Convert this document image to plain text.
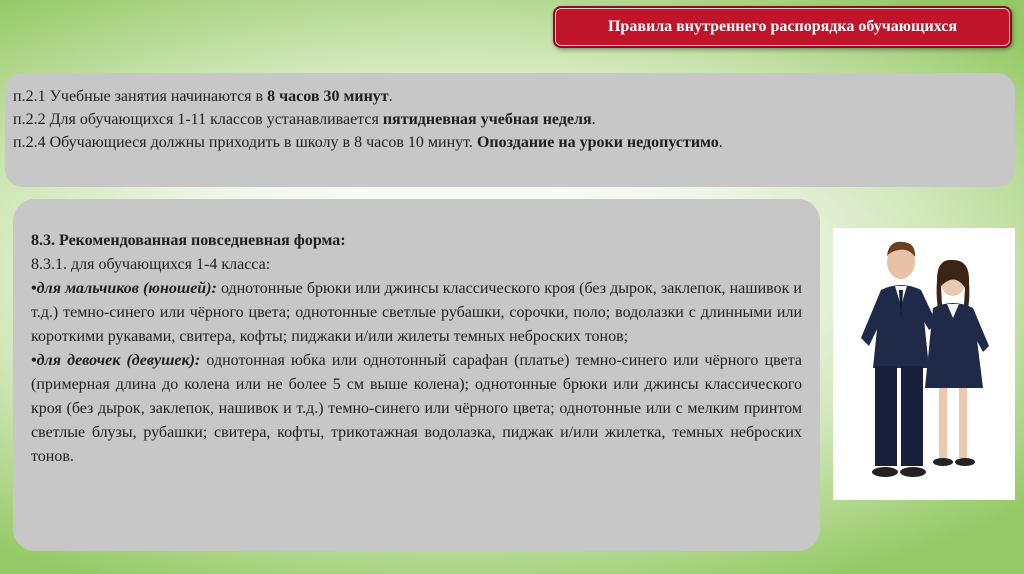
Правила внутреннего распорядка обучающихся
п.2.1 Учебные занятия начинаются в 8 часов 30 минут.
п.2.2 Для обучающихся 1-11 классов устанавливается пятидневная учебная неделя.
п.2.4 Обучающиеся должны приходить в школу в 8 часов 10 минут. Опоздание на уроки недопустимо.

8.3. Рекомендованная повседневная форма:

8.3.1. для обучающихся 1-4 класса:

•для мальчиков (юношей): однотонные брюки или джинсы классического кроя (без дырок, заклепок, нашивок и т.д.) темно-синего или чёрного цвета; однотонные светлые рубашки, сорочки, поло; водолазки с длинными или короткими рукавами, свитера, кофты; пиджаки и/или жилеты темных неброских тонов;

•для девочек (девушек): однотонная юбка или однотонный сарафан (платье) темно-синего или чёрного цвета (примерная длина до колена или не более 5 см выше колена); однотонные брюки или джинсы классического кроя (без дырок, заклепок, нашивок и т.д.) темно-синего или чёрного цвета; однотонные или с мелким принтом светлые блузы, рубашки; свитера, кофты, трикотажная водолазка, пиджак и/или жилетка, темных неброских тонов.
